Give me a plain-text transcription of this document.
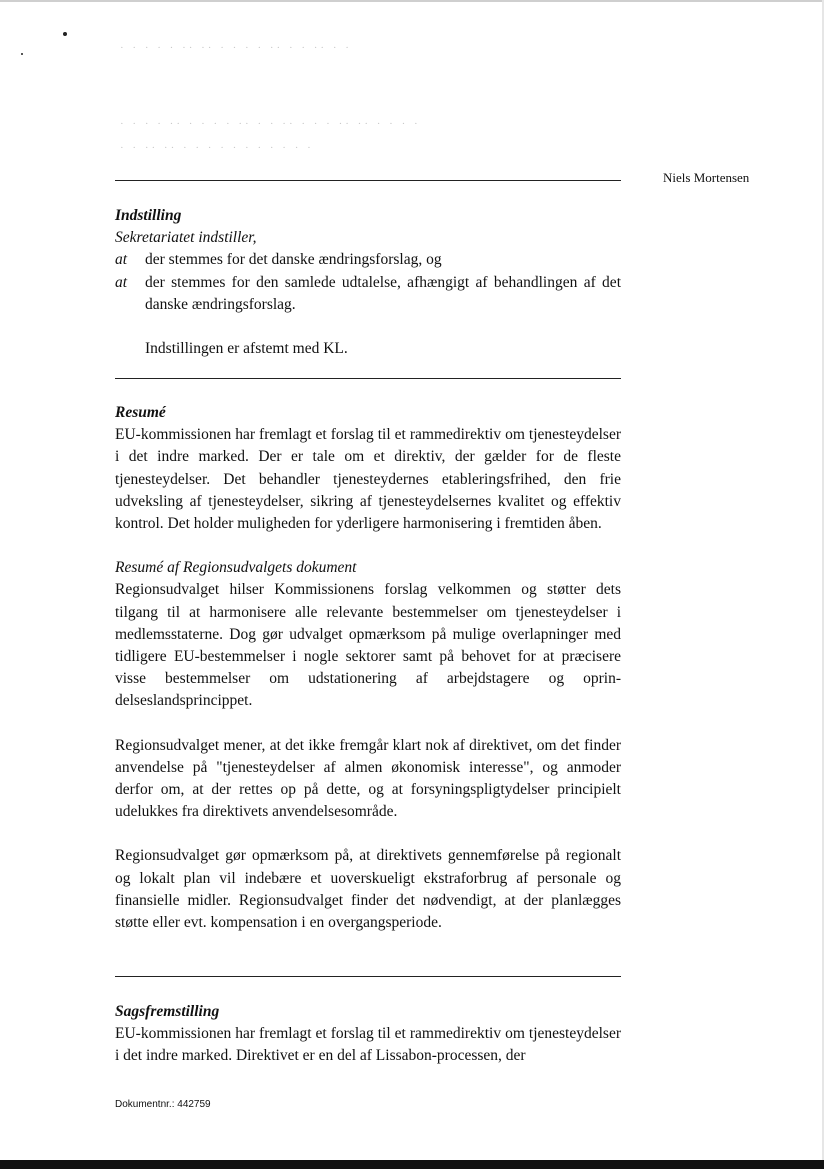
· · · · · ·· ·· · · · · ·· · · ·· · ·
· · · · ·· · · · · ·· · · ·· · · · ·· ·· · · · ·
· · ·· ·· · · · · · · · · · · ·
Niels Mortensen
Indstilling
Sekretariatet indstiller,
at der stemmes for det danske ændringsforslag, og
at der stemmes for den samlede udtalelse, afhængigt af behandlingen af det danske ændringsforslag.
Indstillingen er afstemt med KL.
Resumé

EU-kommissionen har fremlagt et forslag til et rammedirektiv om tjenesteydelser i det indre marked. Der er tale om et direktiv, der gælder for de fleste tjenesteydelser. Det behandler tjenesteydernes etableringsfrihed, den frie udveksling af tjenesteydelser, sikring af tjenesteydelsernes kvalitet og effektiv kontrol. Det holder muligheden for yderligere harmonisering i fremtiden åben.

Resumé af Regionsudvalgets dokument

Regionsudvalget hilser Kommissionens forslag velkommen og støtter dets tilgang til at harmonisere alle relevante bestemmelser om tjenesteydelser i medlemsstaterne. Dog gør udvalget opmærksom på mulige overlapninger med tidligere EU-bestemmelser i nogle sektorer samt på behovet for at præcisere visse bestemmelser om udstationering af arbejdstagere og oprindelseslandsprincippet.

Regionsudvalget mener, at det ikke fremgår klart nok af direktivet, om det finder anvendelse på "tjenesteydelser af almen økonomisk interesse", og anmoder derfor om, at der rettes op på dette, og at forsyningspligtydelser principielt udelukkes fra direktivets anvendelsesområde.

Regionsudvalget gør opmærksom på, at direktivets gennemførelse på regionalt og lokalt plan vil indebære et uoverskueligt ekstraforbrug af personale og finansielle midler. Regionsudvalget finder det nødvendigt, at der planlægges støtte eller evt. kompensation i en overgangsperiode.

Sagsfremstilling

EU-kommissionen har fremlagt et forslag til et rammedirektiv om tjenesteydelser i det indre marked. Direktivet er en del af Lissabon-processen, der

Dokumentnr.: 442759
